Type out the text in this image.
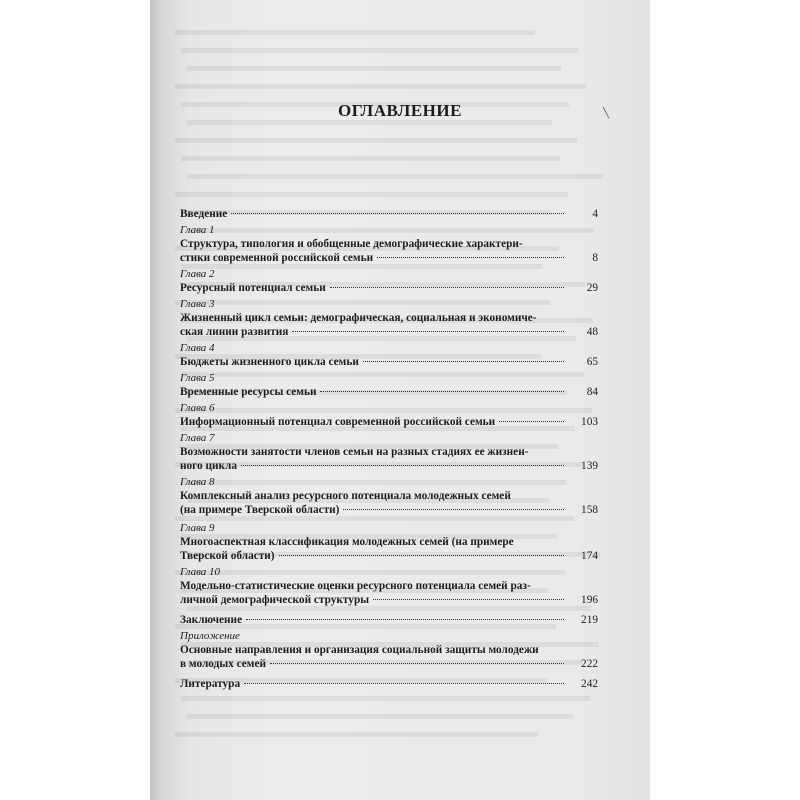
╲
ОГЛАВЛЕНИЕ
Введение	4
Глава 1
Структура, типология и обобщенные демографические характери-
стики современной российской семьи	8
Глава 2
Ресурсный потенциал семьи	29
Глава 3
Жизненный цикл семьи: демографическая, социальная и экономиче-
ская линии развития	48
Глава 4
Бюджеты жизненного цикла семьи	65
Глава 5
Временные ресурсы семьи	84
Глава 6
Информационный потенциал современной российской семьи	103
Глава 7
Возможности занятости членов семьи на разных стадиях ее жизнен-
ного цикла	139
Глава 8
Комплексный анализ ресурсного потенциала молодежных семей
(на примере Тверской области)	158
Глава 9
Многоаспектная классификация молодежных семей (на примере
Тверской области)	174
Глава 10
Модельно-статистические оценки ресурсного потенциала семей раз-
личной демографической структуры	196
Заключение	219
Приложение
Основные направления и организация социальной защиты молодежи
в молодых семей	222
Литература	242
